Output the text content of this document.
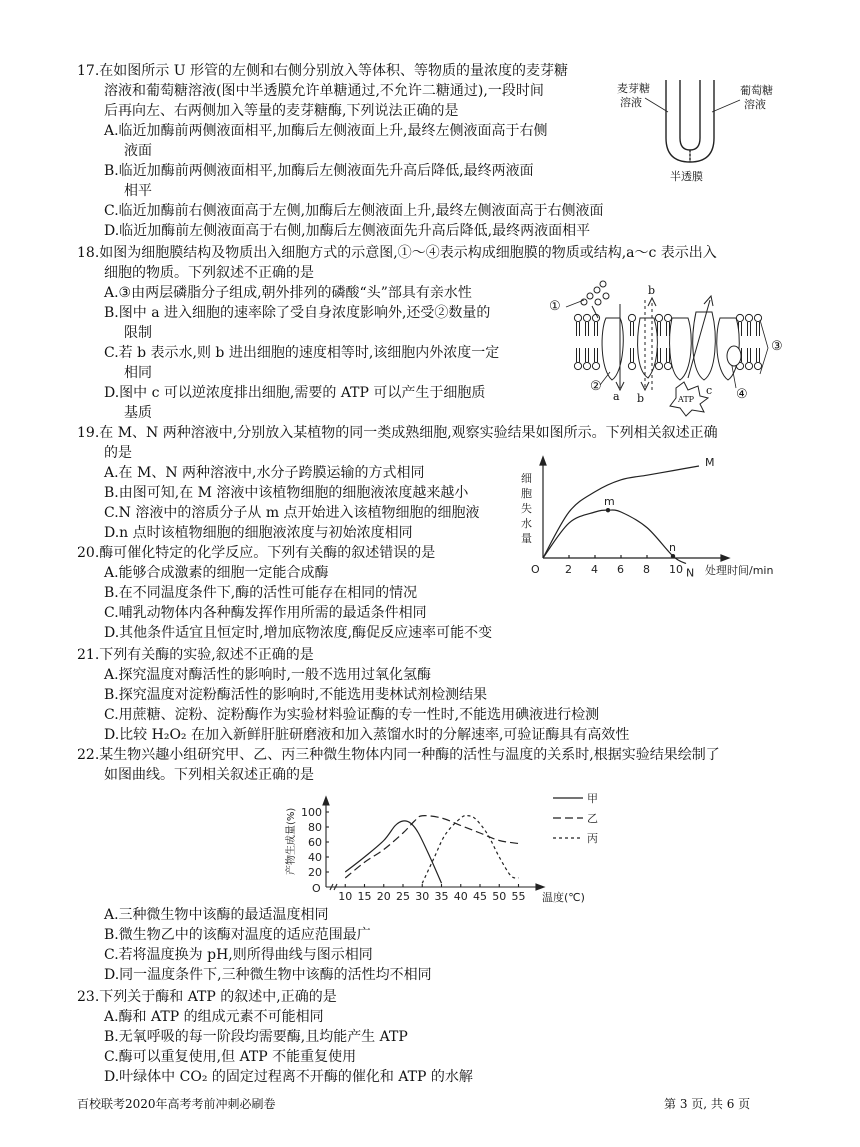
17.在如图所示 U 形管的左侧和右侧分别放入等体积、等物质的量浓度的麦芽糖
溶液和葡萄糖溶液(图中半透膜允许单糖通过,不允许二糖通过),一段时间
后再向左、右两侧加入等量的麦芽糖酶,下列说法正确的是
A.临近加酶前两侧液面相平,加酶后左侧液面上升,最终左侧液面高于右侧
液面
B.临近加酶前两侧液面相平,加酶后左侧液面先升高后降低,最终两液面
相平
C.临近加酶前右侧液面高于左侧,加酶后左侧液面上升,最终左侧液面高于右侧液面
D.临近加酶前左侧液面高于右侧,加酶后左侧液面先升高后降低,最终两液面相平
麦芽糖
溶液
葡萄糖
溶液
半透膜
18.如图为细胞膜结构及物质出入细胞方式的示意图,①～④表示构成细胞膜的物质或结构,a～c 表示出入
细胞的物质。下列叙述不正确的是
A.③由两层磷脂分子组成,朝外排列的磷酸“头”部具有亲水性
B.图中 a 进入细胞的速率除了受自身浓度影响外,还受②数量的
限制
C.若 b 表示水,则 b 进出细胞的速度相等时,该细胞内外浓度一定
相同
D.图中 c 可以逆浓度排出细胞,需要的 ATP 可以产生于细胞质
基质
①
②
③
④
a
b
b
c
ATP
19.在 M、N 两种溶液中,分别放入某植物的同一类成熟细胞,观察实验结果如图所示。下列相关叙述正确
的是
A.在 M、N 两种溶液中,水分子跨膜运输的方式相同
B.由图可知,在 M 溶液中该植物细胞的细胞液浓度越来越小
C.N 溶液中的溶质分子从 m 点开始进入该植物细胞的细胞液
D.n 点时该植物细胞的细胞液浓度与初始浓度相同
O 2 4 6 8 10
细
胞
失
水
量
处理时间/min
M
N
m
n
20.酶可催化特定的化学反应。下列有关酶的叙述错误的是
A.能够合成激素的细胞一定能合成酶
B.在不同温度条件下,酶的活性可能存在相同的情况
C.哺乳动物体内各种酶发挥作用所需的最适条件相同
D.其他条件适宜且恒定时,增加底物浓度,酶促反应速率可能不变
21.下列有关酶的实验,叙述不正确的是
A.探究温度对酶活性的影响时,一般不选用过氧化氢酶
B.探究温度对淀粉酶活性的影响时,不能选用斐林试剂检测结果
C.用蔗糖、淀粉、淀粉酶作为实验材料验证酶的专一性时,不能选用碘液进行检测
D.比较 H₂O₂ 在加入新鲜肝脏研磨液和加入蒸馏水时的分解速率,可验证酶具有高效性
22.某生物兴趣小组研究甲、乙、丙三种微生物体内同一种酶的活性与温度的关系时,根据实验结果绘制了
如图曲线。下列相关叙述正确的是
O
10 15 20 25 30 35 40 45 50 55
20
40
60
80
100
产物生成量(%)
温度(℃)
甲
乙
丙
A.三种微生物中该酶的最适温度相同
B.微生物乙中的该酶对温度的适应范围最广
C.若将温度换为 pH,则所得曲线与图示相同
D.同一温度条件下,三种微生物中该酶的活性均不相同
23.下列关于酶和 ATP 的叙述中,正确的是
A.酶和 ATP 的组成元素不可能相同
B.无氧呼吸的每一阶段均需要酶,且均能产生 ATP
C.酶可以重复使用,但 ATP 不能重复使用
D.叶绿体中 CO₂ 的固定过程离不开酶的催化和 ATP 的水解
百校联考2020年高考考前冲刺必刷卷	第 3 页, 共 6 页
